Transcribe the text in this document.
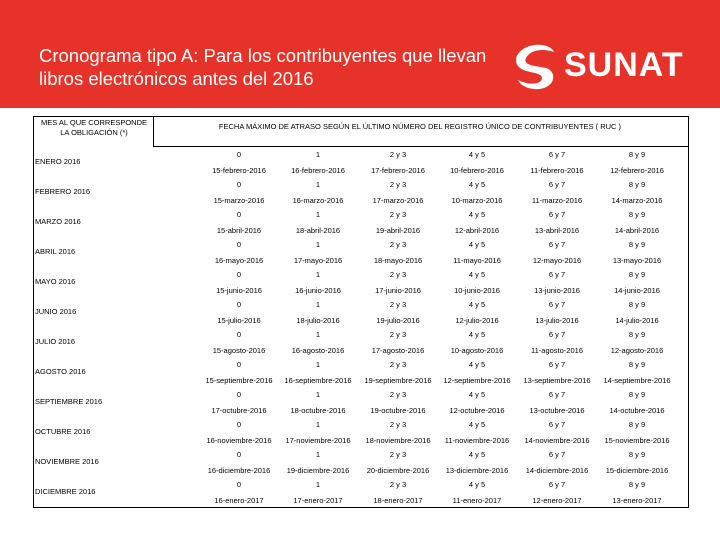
Cronograma tipo A: Para los contribuyentes que llevan libros electrónicos antes del 2016	SUNAT
MES AL QUE CORRESPONDE LA OBLIGACIÓN (*)
FECHA MÁXIMO DE ATRASO SEGÚN EL ÚLTIMO NÚMERO DEL REGISTRO ÚNICO DE CONTRIBUYENTES ( RUC )
ENERO 2016
0
15-febrero-2016
1
16-febrero-2016
2 y 3
17-febrero-2016
4 y 5
10-febrero-2016
6 y 7
11-febrero-2016
8 y 9
12-febrero-2016
FEBRERO 2016
0
15-marzo-2016
1
16-marzo-2016
2 y 3
17-marzo-2016
4 y 5
10-marzo-2016
6 y 7
11-marzo-2016
8 y 9
14-marzo-2016
MARZO 2016
0
15-abril-2016
1
18-abril-2016
2 y 3
19-abril-2016
4 y 5
12-abril-2016
6 y 7
13-abril-2016
8 y 9
14-abril-2016
ABRIL 2016
0
16-mayo-2016
1
17-mayo-2016
2 y 3
18-mayo-2016
4 y 5
11-mayo-2016
6 y 7
12-mayo-2016
8 y 9
13-mayo-2016
MAYO 2016
0
15-junio-2016
1
16-junio-2016
2 y 3
17-junio-2016
4 y 5
10-junio-2016
6 y 7
13-junio-2016
8 y 9
14-junio-2016
JUNIO 2016
0
15-julio-2016
1
18-julio-2016
2 y 3
19-julio-2016
4 y 5
12-julio-2016
6 y 7
13-julio-2016
8 y 9
14-julio-2016
JULIO 2016
0
15-agosto-2016
1
16-agosto-2016
2 y 3
17-agosto-2016
4 y 5
10-agosto-2016
6 y 7
11-agosto-2016
8 y 9
12-agosto-2016
AGOSTO 2016
0
15-septiembre-2016
1
16-septiembre-2016
2 y 3
19-septiembre-2016
4 y 5
12-septiembre-2016
6 y 7
13-septiembre-2016
8 y 9
14-septiembre-2016
SEPTIEMBRE 2016
0
17-octubre-2016
1
18-octubre-2016
2 y 3
19-octubre-2016
4 y 5
12-octubre-2016
6 y 7
13-octubre-2016
8 y 9
14-octubre-2016
OCTUBRE 2016
0
16-noviembre-2016
1
17-noviembre-2016
2 y 3
18-noviembre-2016
4 y 5
11-noviembre-2016
6 y 7
14-noviembre-2016
8 y 9
15-noviembre-2016
NOVIEMBRE 2016
0
16-diciembre-2016
1
19-diciembre-2016
2 y 3
20-diciembre-2016
4 y 5
13-diciembre-2016
6 y 7
14-diciembre-2016
8 y 9
15-diciembre-2016
DICIEMBRE 2016
0
16-enero-2017
1
17-enero-2017
2 y 3
18-enero-2017
4 y 5
11-enero-2017
6 y 7
12-enero-2017
8 y 9
13-enero-2017
